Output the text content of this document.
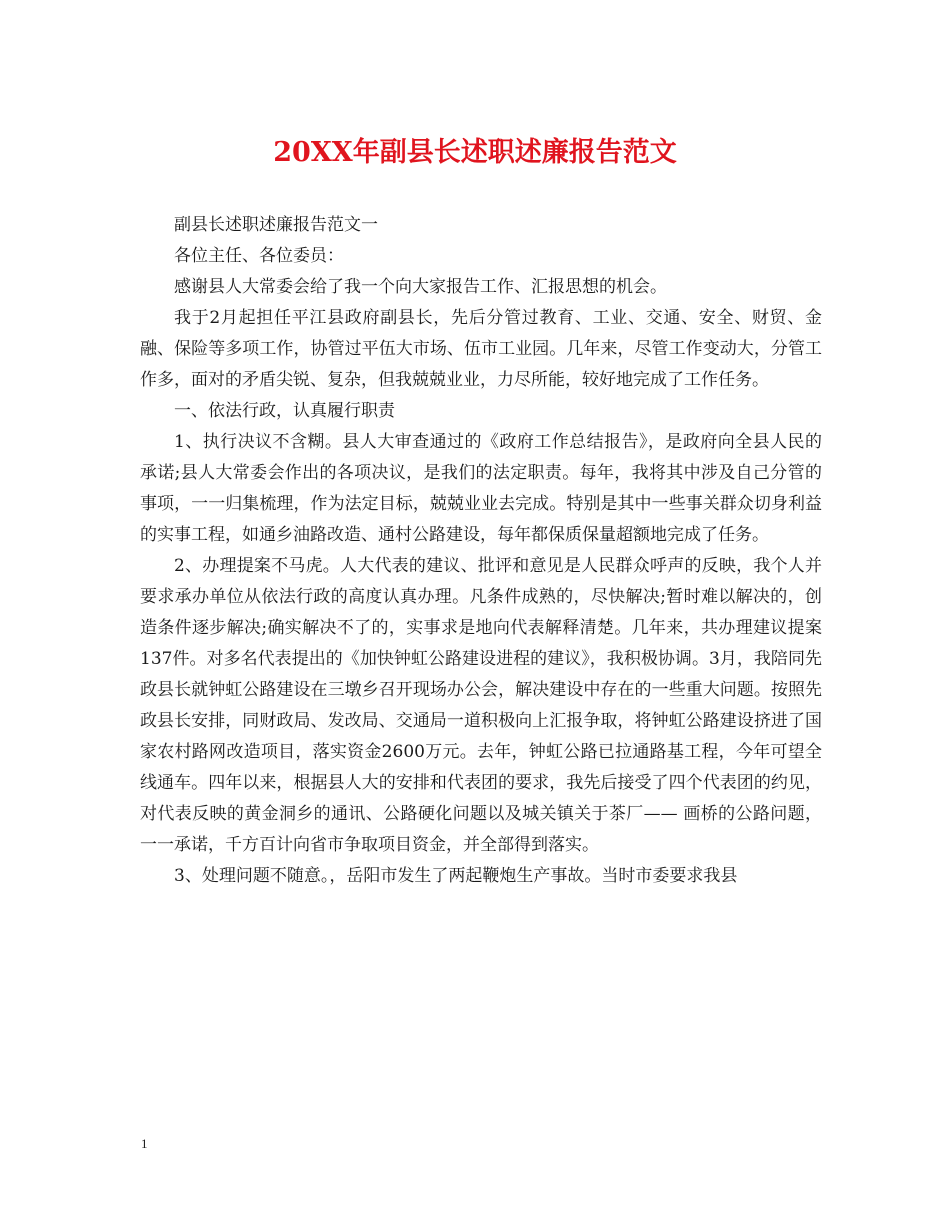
20XX年副县长述职述廉报告范文

副县长述职述廉报告范文一

各位主任、各位委员：

感谢县人大常委会给了我一个向大家报告工作、汇报思想的机会。

我于2月起担任平江县政府副县长，先后分管过教育、工业、交通、安全、财贸、金融、保险等多项工作，协管过平伍大市场、伍市工业园。几年来，尽管工作变动大，分管工作多，面对的矛盾尖锐、复杂，但我兢兢业业，力尽所能，较好地完成了工作任务。

一、依法行政，认真履行职责

1、执行决议不含糊。县人大审查通过的《政府工作总结报告》，是政府向全县人民的承诺;县人大常委会作出的各项决议，是我们的法定职责。每年，我将其中涉及自己分管的事项，一一归集梳理，作为法定目标，兢兢业业去完成。特别是其中一些事关群众切身利益的实事工程，如通乡油路改造、通村公路建设，每年都保质保量超额地完成了任务。

2、办理提案不马虎。人大代表的建议、批评和意见是人民群众呼声的反映，我个人并要求承办单位从依法行政的高度认真办理。凡条件成熟的，尽快解决;暂时难以解决的，创造条件逐步解决;确实解决不了的，实事求是地向代表解释清楚。几年来，共办理建议提案137件。对多名代表提出的《加快钟虹公路建设进程的建议》，我积极协调。3月，我陪同先政县长就钟虹公路建设在三墩乡召开现场办公会，解决建设中存在的一些重大问题。按照先政县长安排，同财政局、发改局、交通局一道积极向上汇报争取，将钟虹公路建设挤进了国家农村路网改造项目，落实资金2600万元。去年，钟虹公路已拉通路基工程，今年可望全线通车。四年以来，根据县人大的安排和代表团的要求，我先后接受了四个代表团的约见，对代表反映的黄金洞乡的通讯、公路硬化问题以及城关镇关于茶厂—— 画桥的公路问题，一一承诺，千方百计向省市争取项目资金，并全部得到落实。

3、处理问题不随意。，岳阳市发生了两起鞭炮生产事故。当时市委要求我县

1
